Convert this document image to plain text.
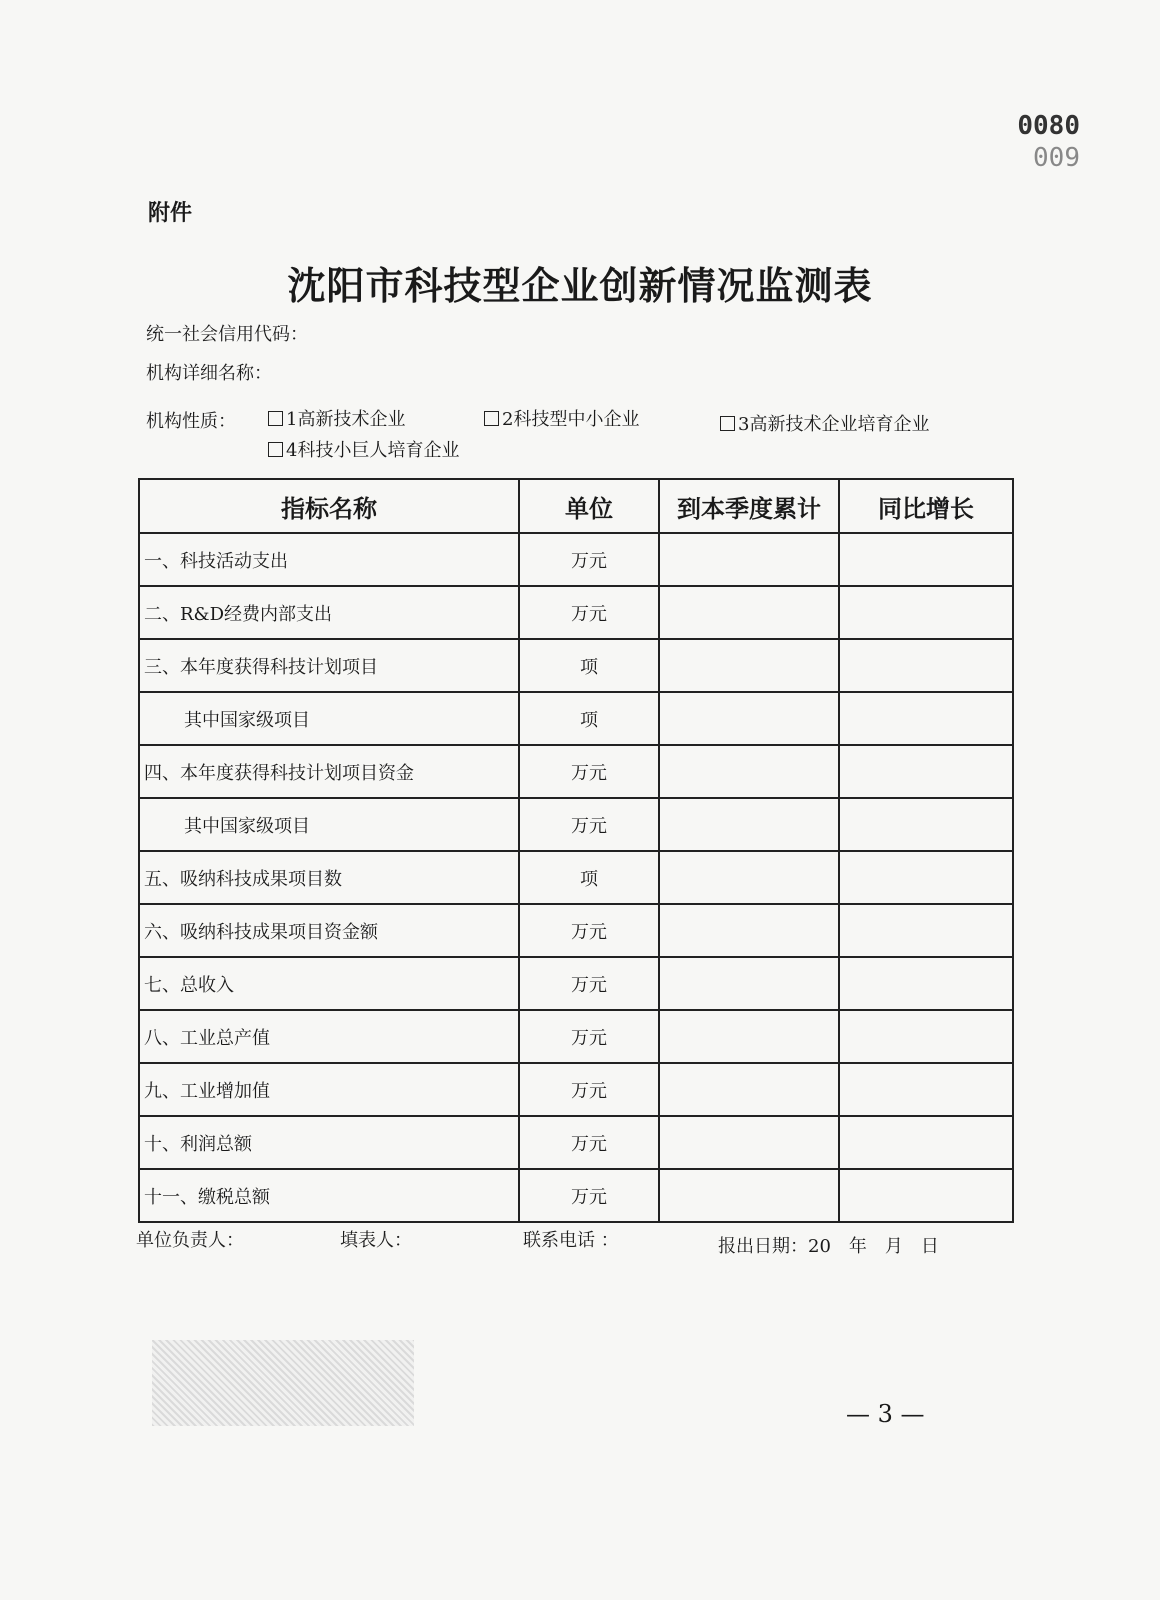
0080
009
附件
沈阳市科技型企业创新情况监测表
统一社会信用代码：
机构详细名称：
机构性质：	1高新技术企业	2科技型中小企业	3高新技术企业培育企业
4科技小巨人培育企业
指标名称	单位	到本季度累计	同比增长
一、科技活动支出	万元		
二、R&D经费内部支出	万元		
三、本年度获得科技计划项目	项		
其中国家级项目	项		
四、本年度获得科技计划项目资金	万元		
其中国家级项目	万元		
五、吸纳科技成果项目数	项		
六、吸纳科技成果项目资金额	万元		
七、总收入	万元		
八、工业总产值	万元		
九、工业增加值	万元		
十、利润总额	万元		
十一、缴税总额	万元		
单位负责人：	填表人：	联系电话 ：	报出日期：20　年　月　日
— 3 —
